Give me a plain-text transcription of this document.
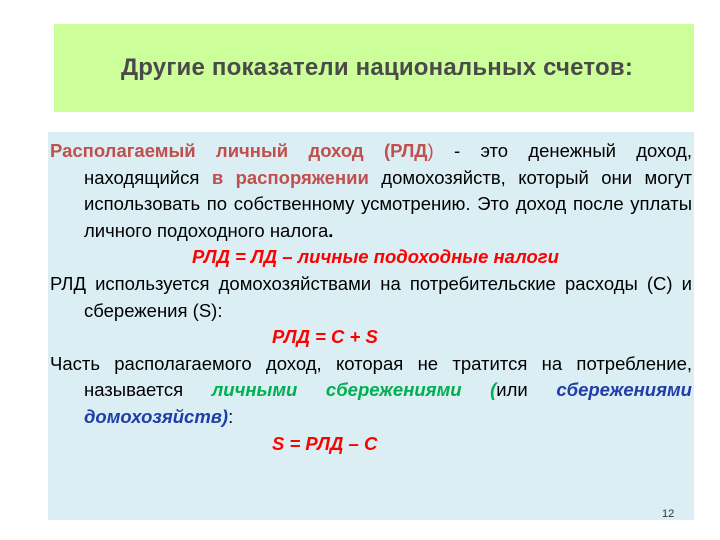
Другие показатели национальных счетов:

Располагаемый личный доход (РЛД) - это денежный доход, находящийся в распоряжении домохозяйств, который они могут использовать по собственному усмотрению. Это доход после уплаты личного подоходного налога.

РЛД = ЛД – личные подоходные налоги

РЛД используется домохозяйствами на потребительские расходы (С) и сбережения (S):

РЛД = С + S

Часть располагаемого доход, которая не тратится на потребление, называется личными сбережениями (или сбережениями домохозяйств):

S = РЛД – С

12
